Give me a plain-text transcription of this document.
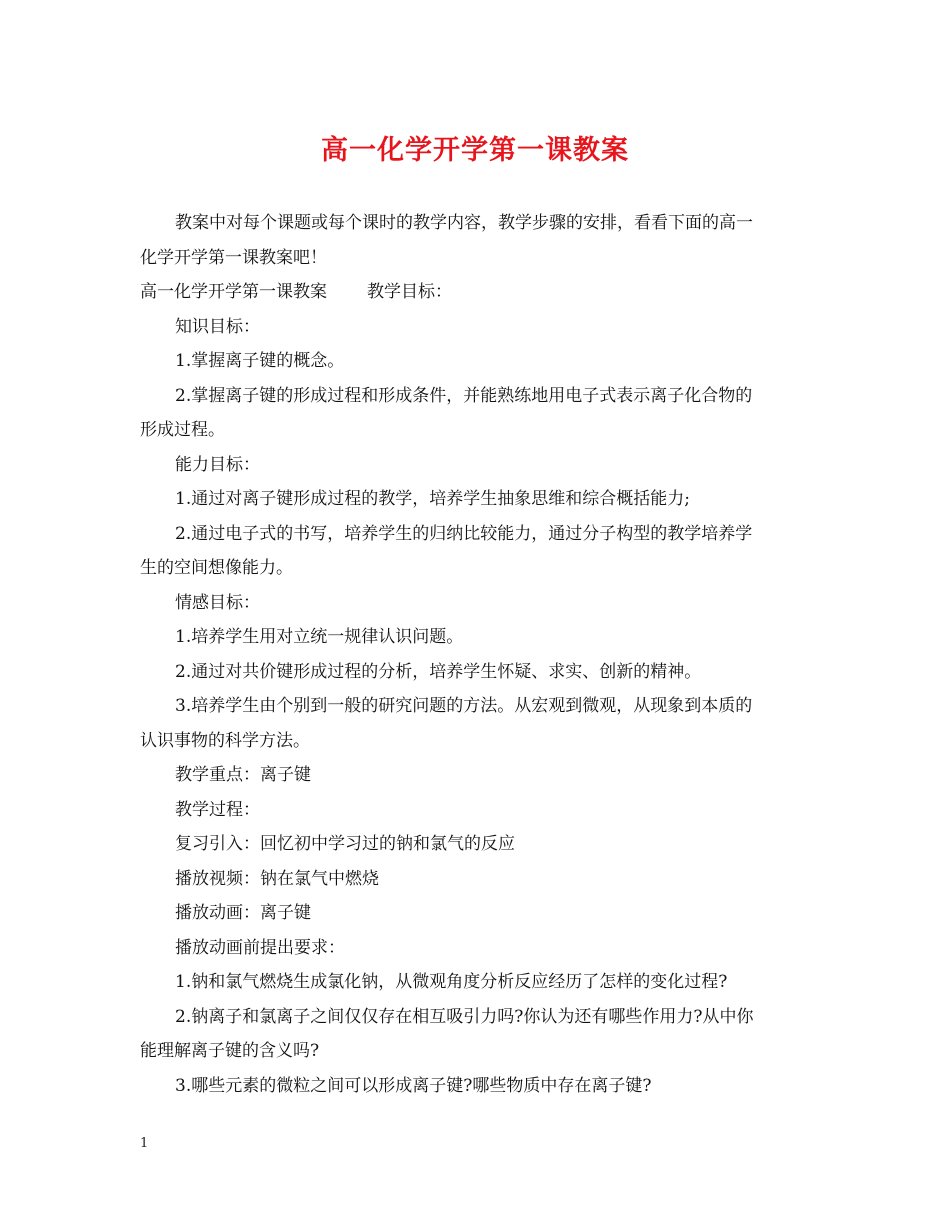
高一化学开学第一课教案

教案中对每个课题或每个课时的教学内容，教学步骤的安排，看看下面的高一

化学开学第一课教案吧！

高一化学开学第一课教案 教学目标：

知识目标：

1.掌握离子键的概念。

2.掌握离子键的形成过程和形成条件，并能熟练地用电子式表示离子化合物的

形成过程。

能力目标：

1.通过对离子键形成过程的教学，培养学生抽象思维和综合概括能力;

2.通过电子式的书写，培养学生的归纳比较能力，通过分子构型的教学培养学

生的空间想像能力。

情感目标：

1.培养学生用对立统一规律认识问题。

2.通过对共价键形成过程的分析，培养学生怀疑、求实、创新的精神。

3.培养学生由个别到一般的研究问题的方法。从宏观到微观，从现象到本质的

认识事物的科学方法。

教学重点：离子键

教学过程：

复习引入：回忆初中学习过的钠和氯气的反应

播放视频：钠在氯气中燃烧

播放动画：离子键

播放动画前提出要求：

1.钠和氯气燃烧生成氯化钠，从微观角度分析反应经历了怎样的变化过程?

2.钠离子和氯离子之间仅仅存在相互吸引力吗?你认为还有哪些作用力?从中你

能理解离子键的含义吗?

3.哪些元素的微粒之间可以形成离子键?哪些物质中存在离子键?

1
